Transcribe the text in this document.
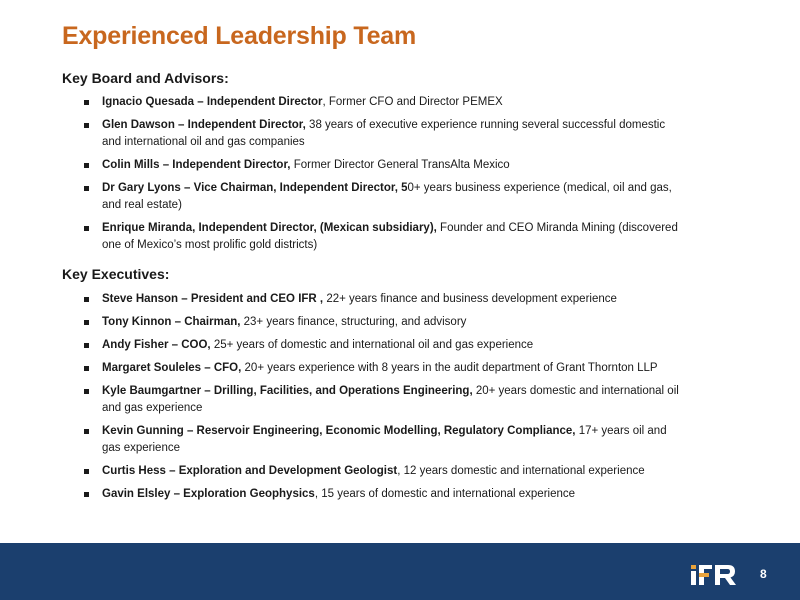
Experienced Leadership Team
Key Board and Advisors:
Ignacio Quesada – Independent Director, Former CFO and Director PEMEX
Glen Dawson – Independent Director, 38 years of executive experience running several successful domestic and international oil and gas companies
Colin Mills – Independent Director, Former Director General TransAlta Mexico
Dr Gary Lyons – Vice Chairman, Independent Director, 50+ years business experience (medical, oil and gas, and real estate)
Enrique Miranda, Independent Director, (Mexican subsidiary), Founder and CEO Miranda Mining (discovered one of Mexico’s most prolific gold districts)
Key Executives:
Steve Hanson – President and CEO IFR , 22+ years finance and business development experience
Tony Kinnon – Chairman, 23+ years finance, structuring, and advisory
Andy Fisher – COO, 25+ years of domestic and international oil and gas experience
Margaret Souleles – CFO, 20+ years experience with 8 years in the audit department of Grant Thornton LLP
Kyle Baumgartner – Drilling, Facilities, and Operations Engineering, 20+ years domestic and international oil and gas experience
Kevin Gunning – Reservoir Engineering, Economic Modelling, Regulatory Compliance, 17+ years oil and gas experience
Curtis Hess – Exploration and Development Geologist, 12 years domestic and international experience
Gavin Elsley – Exploration Geophysics, 15 years of domestic and international experience
8
